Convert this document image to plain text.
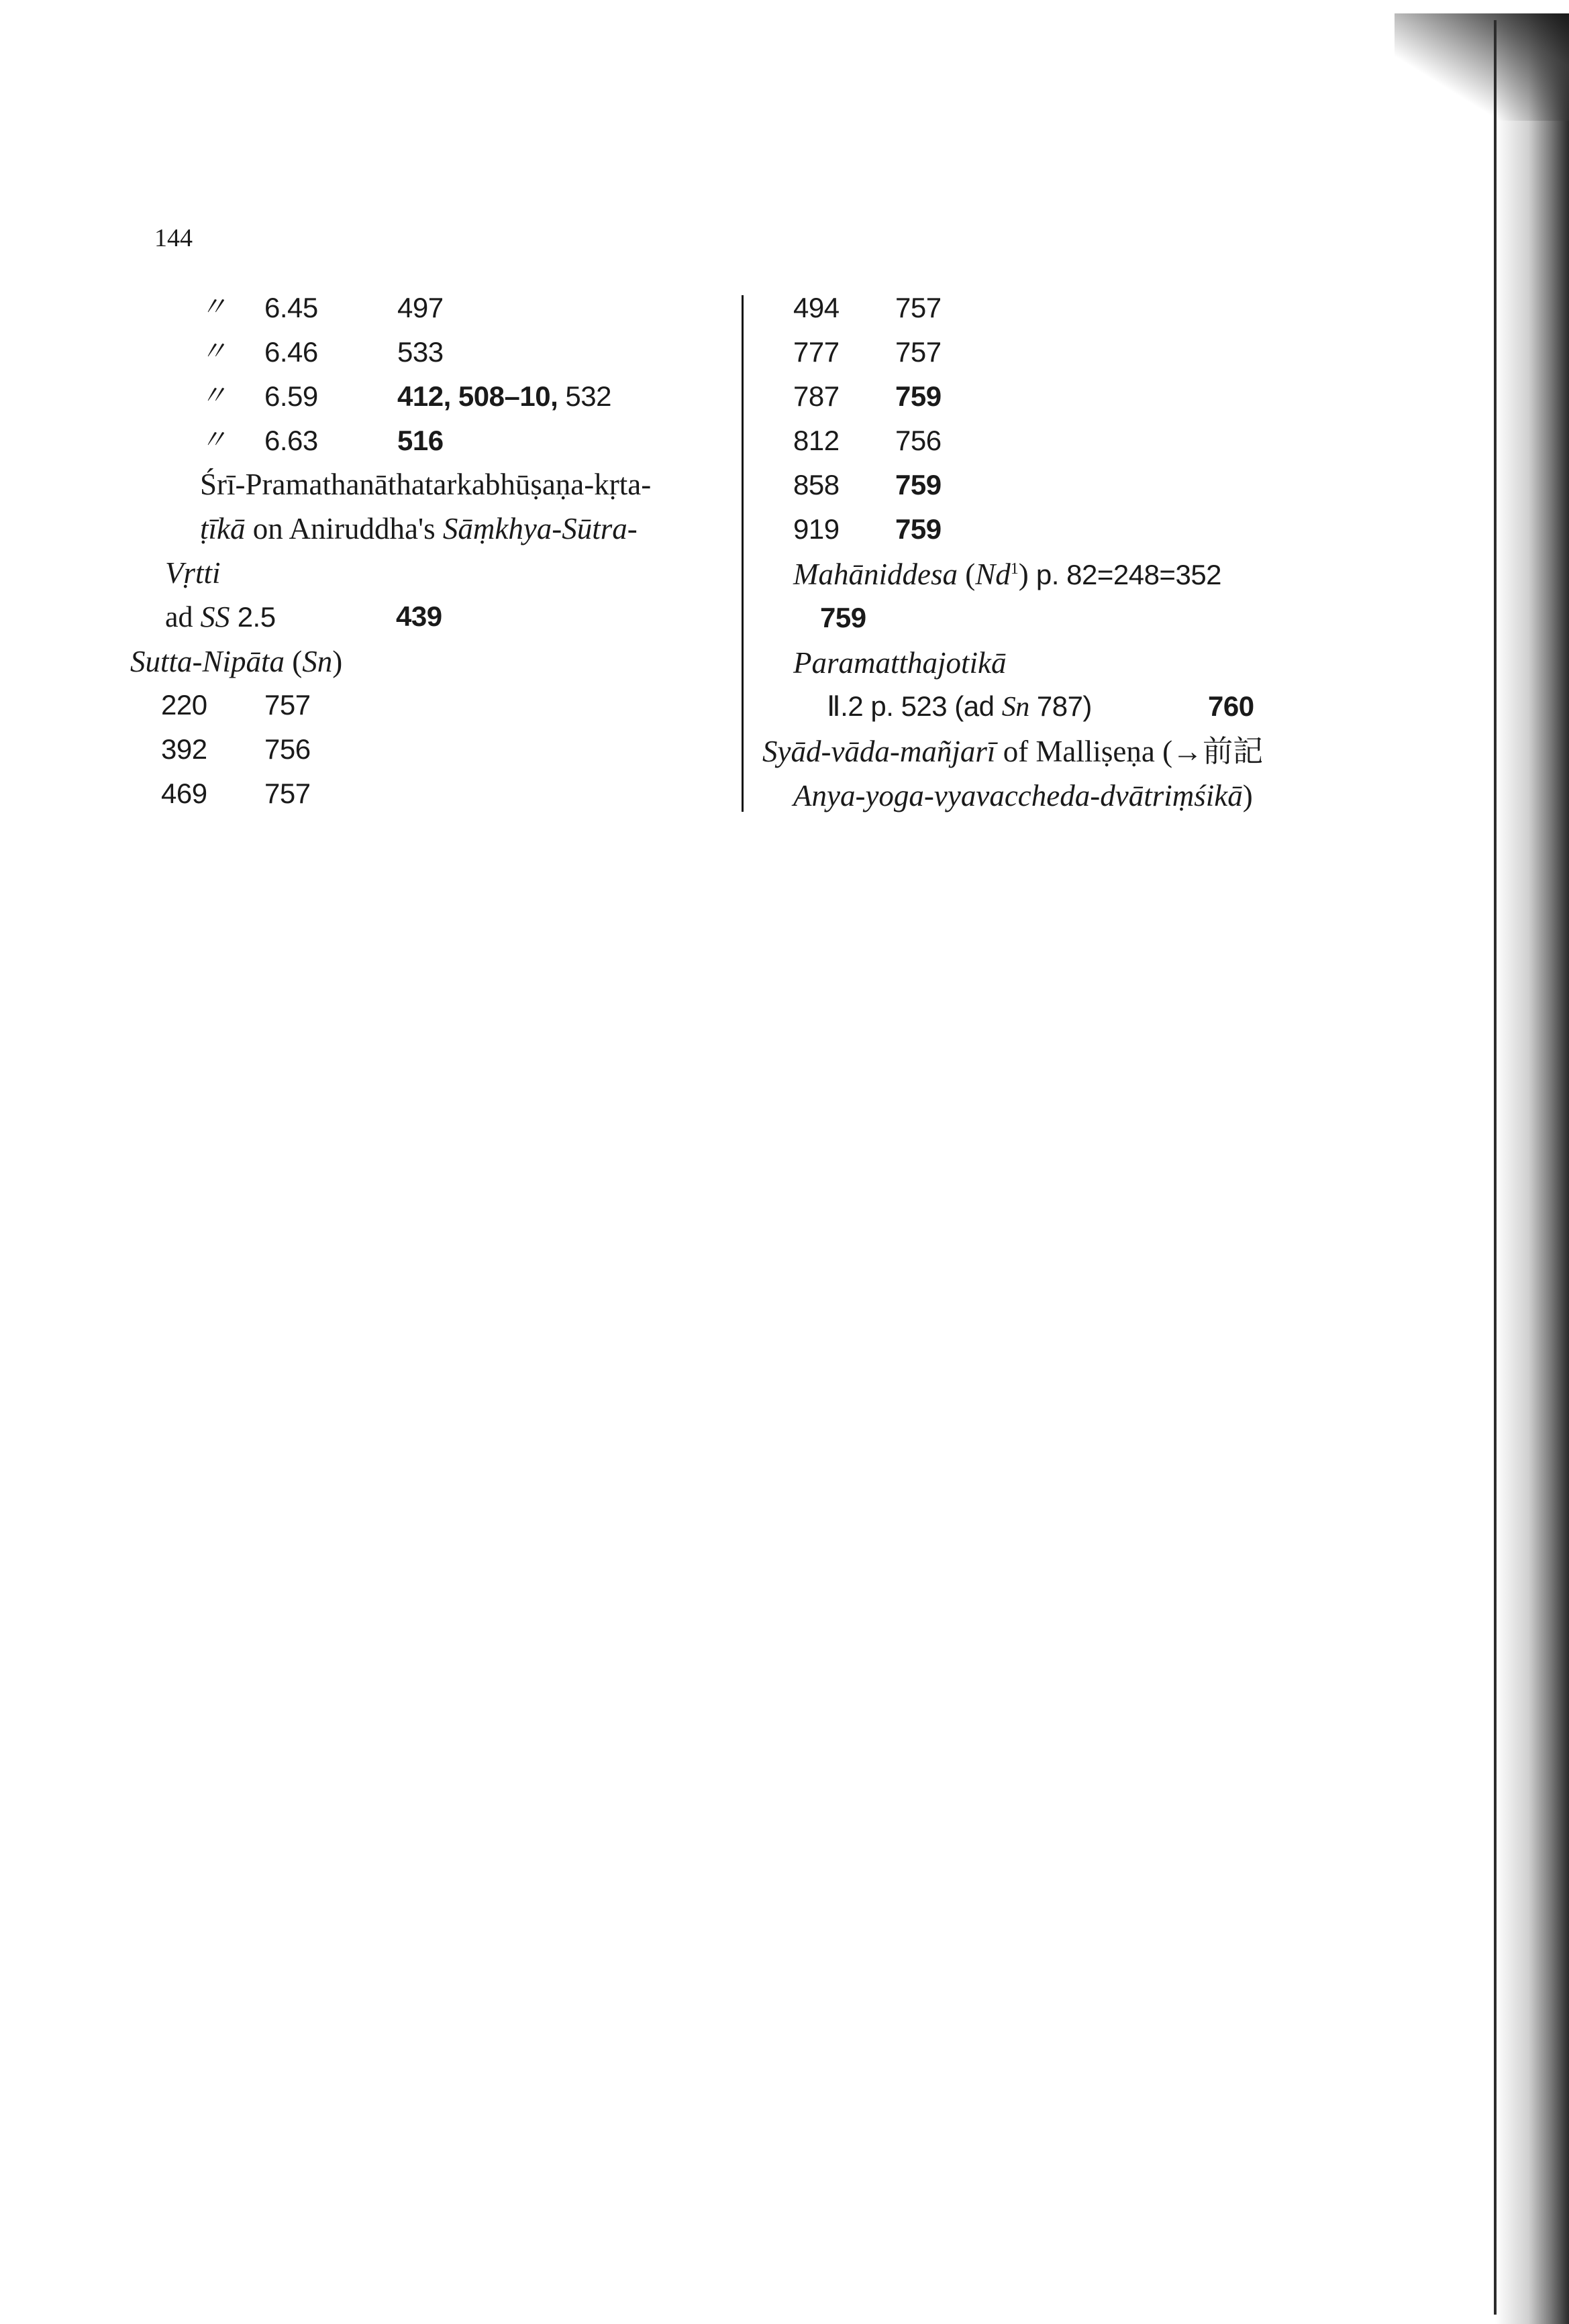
144
〃 6.45	497
〃 6.46	533
〃 6.59	412, 508–10, 532
〃 6.63	516
Śrī-Pramathanāthatarkabhūṣaṇa-kṛta-
ṭīkā on Aniruddha's Sāṃkhya-Sūtra-
Vṛtti
ad SS 2.5	439
Sutta-Nipāta (Sn)
220 757
392 756
469 757
494 757
777 757
787 759
812 756
858 759
919 759
Mahāniddesa (Nd$^1$) p. 82=248=352
759
Paramatthajotikā
Ⅱ.2 p. 523 (ad Sn 787)	760
Syād-vāda-mañjarī of Malliṣeṇa (→前記
Anya-yoga-vyavaccheda-dvātriṃśikā)
